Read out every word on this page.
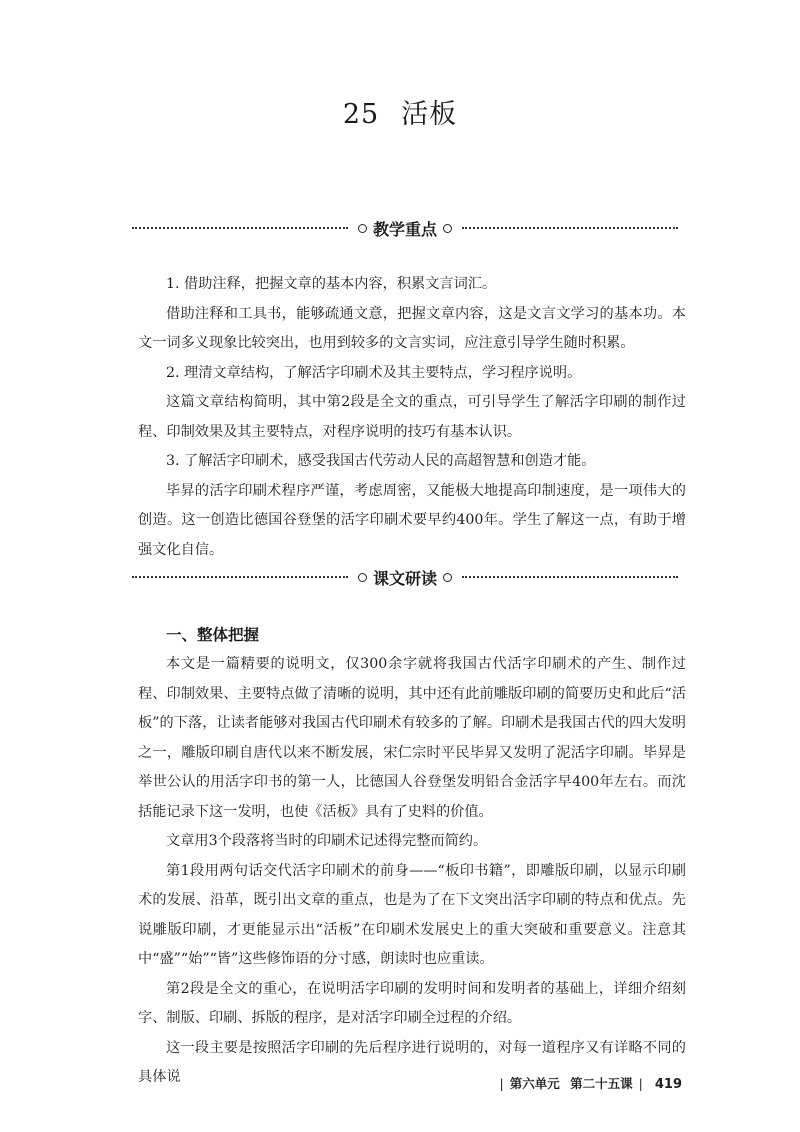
25 活板
教学重点

1. 借助注释，把握文章的基本内容，积累文言词汇。

借助注释和工具书，能够疏通文意，把握文章内容，这是文言文学习的基本功。本文一词多义现象比较突出，也用到较多的文言实词，应注意引导学生随时积累。

2. 理清文章结构，了解活字印刷术及其主要特点，学习程序说明。

这篇文章结构简明，其中第2段是全文的重点，可引导学生了解活字印刷的制作过程、印制效果及其主要特点，对程序说明的技巧有基本认识。

3. 了解活字印刷术，感受我国古代劳动人民的高超智慧和创造才能。

毕昇的活字印刷术程序严谨，考虑周密，又能极大地提高印制速度，是一项伟大的创造。这一创造比德国谷登堡的活字印刷术要早约400年。学生了解这一点，有助于增强文化自信。

课文研读
一、整体把握

本文是一篇精要的说明文，仅300余字就将我国古代活字印刷术的产生、制作过程、印制效果、主要特点做了清晰的说明，其中还有此前雕版印刷的简要历史和此后“活板”的下落，让读者能够对我国古代印刷术有较多的了解。印刷术是我国古代的四大发明之一，雕版印刷自唐代以来不断发展，宋仁宗时平民毕昇又发明了泥活字印刷。毕昇是举世公认的用活字印书的第一人，比德国人谷登堡发明铅合金活字早400年左右。而沈括能记录下这一发明，也使《活板》具有了史料的价值。

文章用3个段落将当时的印刷术记述得完整而简约。

第1段用两句话交代活字印刷术的前身——“板印书籍”，即雕版印刷，以显示印刷术的发展、沿革，既引出文章的重点，也是为了在下文突出活字印刷的特点和优点。先说雕版印刷，才更能显示出“活板”在印刷术发展史上的重大突破和重要意义。注意其中“盛”“始”“皆”这些修饰语的分寸感，朗读时也应重读。

第2段是全文的重心，在说明活字印刷的发明时间和发明者的基础上，详细介绍刻字、制版、印刷、拆版的程序，是对活字印刷全过程的介绍。

这一段主要是按照活字印刷的先后程序进行说明的，对每一道程序又有详略不同的具体说	| 第六单元 第二十五课 | 419
